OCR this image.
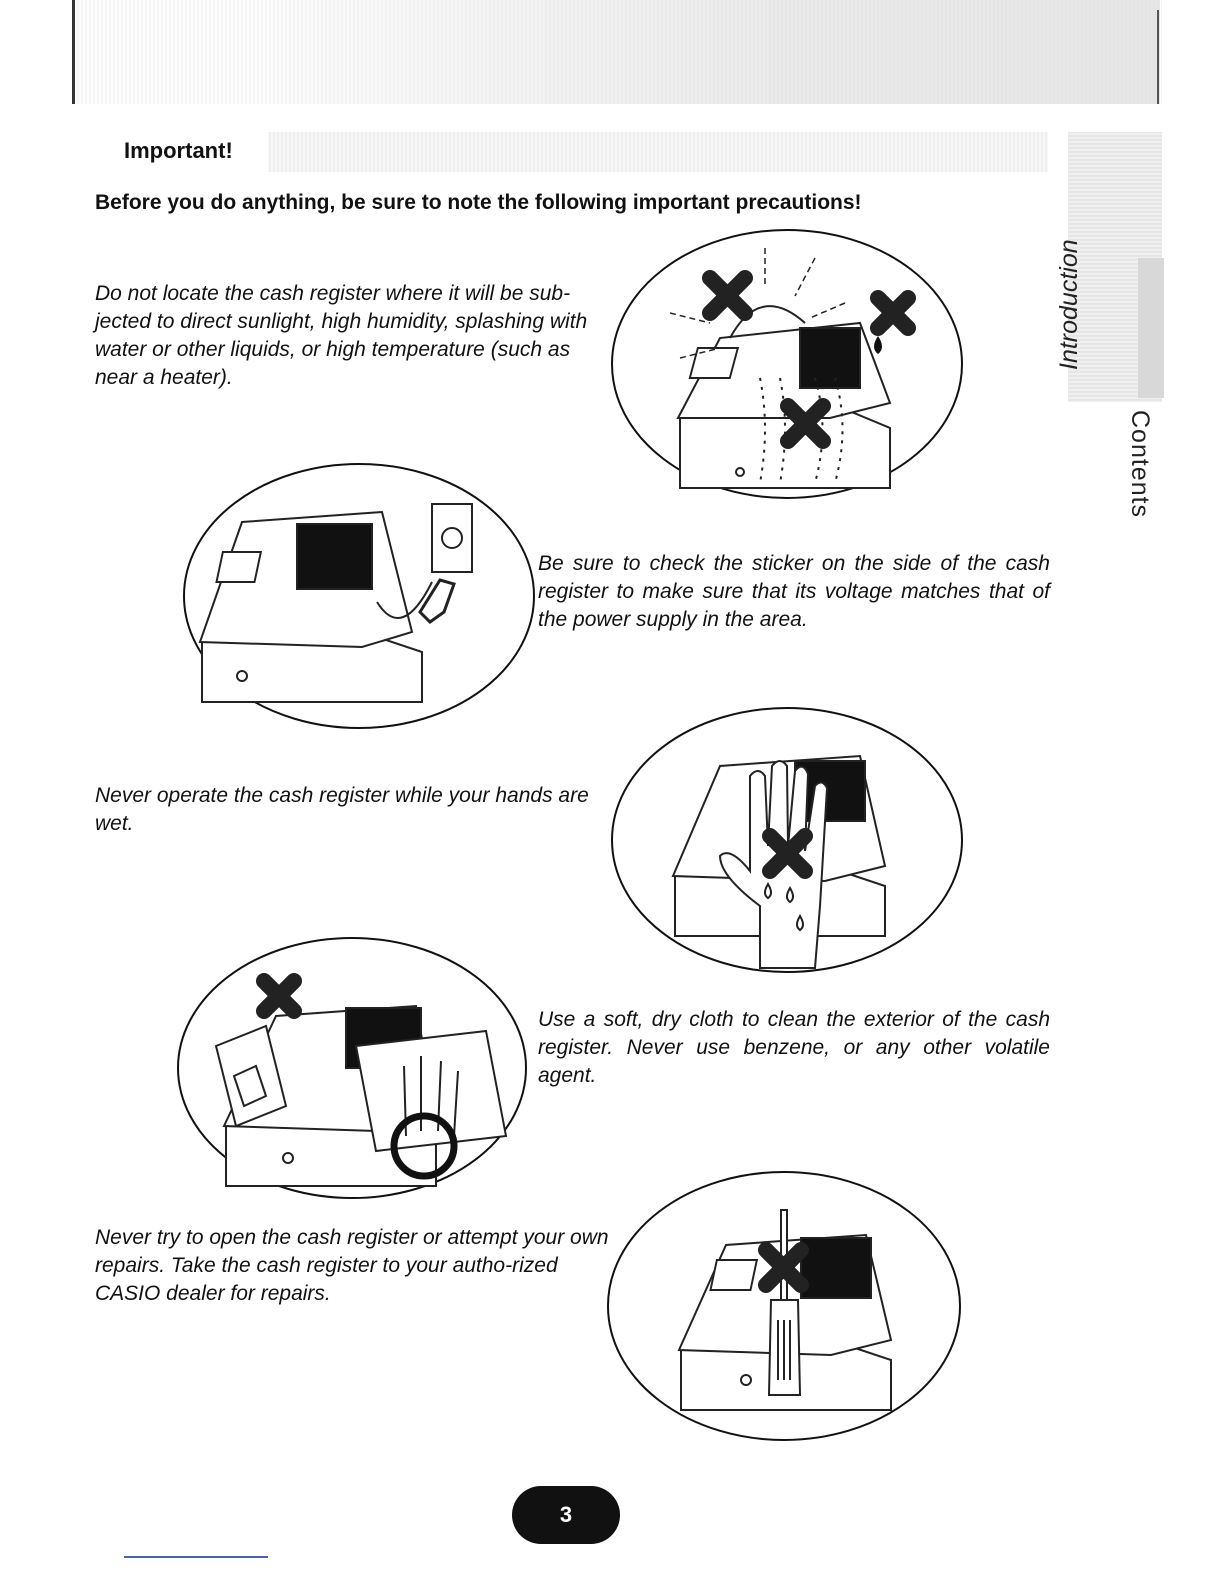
Important!
Before you do anything, be sure to note the following important precautions!
Introduction
Contents
Do not locate the cash register where it will be sub-jected to direct sunlight, high humidity, splashing with water or other liquids, or high temperature (such as near a heater).
Be sure to check the sticker on the side of the cash register to make sure that its voltage matches that of the power supply in the area.
Never operate the cash register while your hands are wet.
Use a soft, dry cloth to clean the exterior of the cash register. Never use benzene, or any other volatile agent.
Never try to open the cash register or attempt your own repairs. Take the cash register to your autho-rized CASIO dealer for repairs.
3
